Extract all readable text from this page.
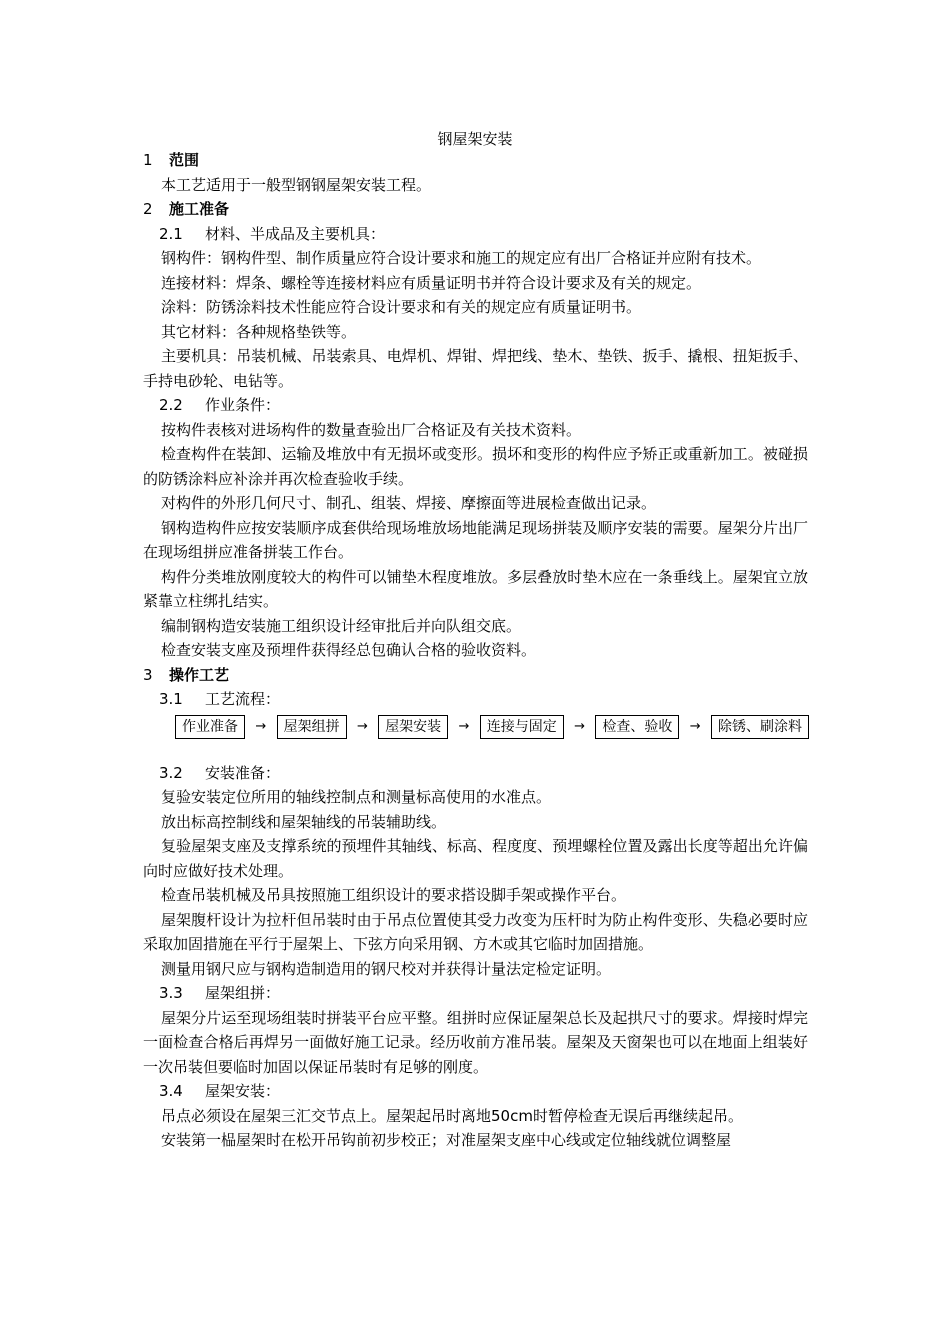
钢屋架安装
1 范围
本工艺适用于一般型钢钢屋架安装工程。
2 施工准备
2.1 材料、半成品及主要机具：
钢构件：钢构件型、制作质量应符合设计要求和施工的规定应有出厂合格证并应附有技术。
连接材料：焊条、螺栓等连接材料应有质量证明书并符合设计要求及有关的规定。
涂料：防锈涂料技术性能应符合设计要求和有关的规定应有质量证明书。
其它材料：各种规格垫铁等。
主要机具：吊装机械、吊装索具、电焊机、焊钳、焊把线、垫木、垫铁、扳手、撬根、扭矩扳手、手持电砂轮、电钻等。
2.2 作业条件：
按构件表核对进场构件的数量查验出厂合格证及有关技术资料。
检查构件在装卸、运输及堆放中有无损坏或变形。损坏和变形的构件应予矫正或重新加工。被碰损的防锈涂料应补涂并再次检查验收手续。
对构件的外形几何尺寸、制孔、组装、焊接、摩擦面等进展检查做出记录。
钢构造构件应按安装顺序成套供给现场堆放场地能满足现场拼装及顺序安装的需要。屋架分片出厂在现场组拼应准备拼装工作台。
构件分类堆放刚度较大的构件可以铺垫木程度堆放。多层叠放时垫木应在一条垂线上。屋架宜立放紧靠立柱绑扎结实。
编制钢构造安装施工组织设计经审批后并向队组交底。
检查安装支座及预埋件获得经总包确认合格的验收资料。
3 操作工艺
3.1 工艺流程：
作业准备	→	屋架组拼	→	屋架安装	→	连接与固定	→	检查、验收	→	除锈、刷涂料
3.2 安装准备：
复验安装定位所用的轴线控制点和测量标高使用的水准点。
放出标高控制线和屋架轴线的吊装辅助线。
复验屋架支座及支撑系统的预埋件其轴线、标高、程度度、预埋螺栓位置及露出长度等超出允许偏向时应做好技术处理。
检查吊装机械及吊具按照施工组织设计的要求搭设脚手架或操作平台。
屋架腹杆设计为拉杆但吊装时由于吊点位置使其受力改变为压杆时为防止构件变形、失稳必要时应采取加固措施在平行于屋架上、下弦方向采用钢、方木或其它临时加固措施。
测量用钢尺应与钢构造制造用的钢尺校对并获得计量法定检定证明。
3.3 屋架组拼：
屋架分片运至现场组装时拼装平台应平整。组拼时应保证屋架总长及起拱尺寸的要求。焊接时焊完一面检查合格后再焊另一面做好施工记录。经历收前方准吊装。屋架及天窗架也可以在地面上组装好一次吊装但要临时加固以保证吊装时有足够的刚度。
3.4 屋架安装：
吊点必须设在屋架三汇交节点上。屋架起吊时离地50cm时暂停检查无误后再继续起吊。
安装第一榀屋架时在松开吊钩前初步校正；对准屋架支座中心线或定位轴线就位调整屋
